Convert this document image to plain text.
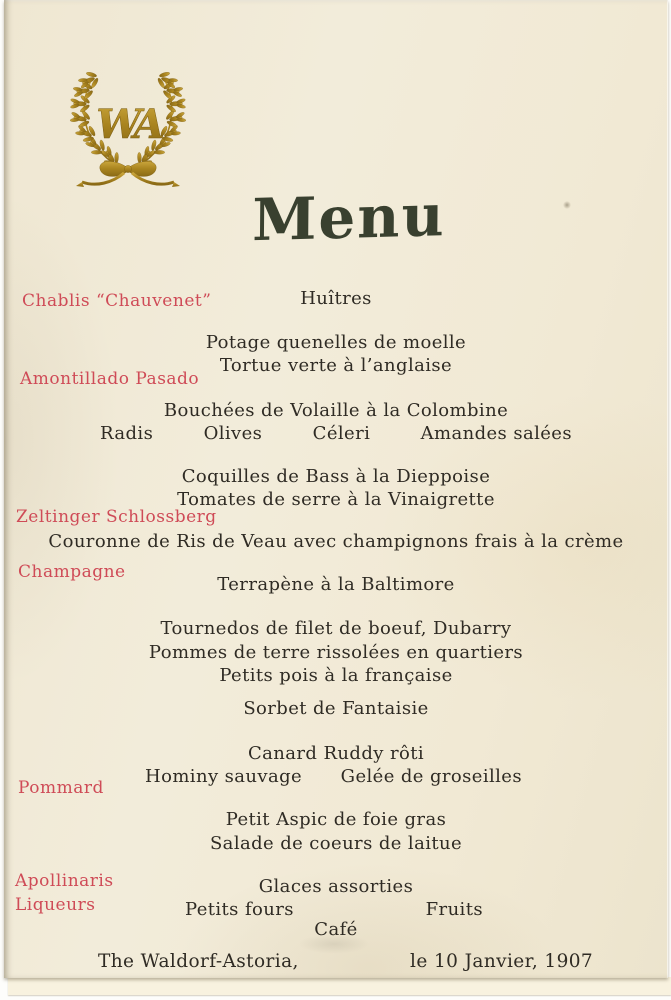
WA
Menu
Chablis “Chauvenet”
Amontillado Pasado
Zeltinger Schlossberg
Champagne
Pommard
Apollinaris
Liqueurs
Huîtres
Potage quenelles de moelle
Tortue verte à l’anglaise
Bouchées de Volaille à la Colombine
Radis	Olives	Céleri	Amandes salées
Coquilles de Bass à la Dieppoise
Tomates de serre à la Vinaigrette
Couronne de Ris de Veau avec champignons frais à la crème
Terrapène à la Baltimore
Tournedos de filet de boeuf, Dubarry
Pommes de terre rissolées en quartiers
Petits pois à la française
Sorbet de Fantaisie
Canard Ruddy rôti
Hominy sauvage Gelée de groseilles
Petit Aspic de foie gras
Salade de coeurs de laitue
Glaces assorties
Petits fours	Fruits
Café
The Waldorf-Astoria,	le 10 Janvier, 1907
